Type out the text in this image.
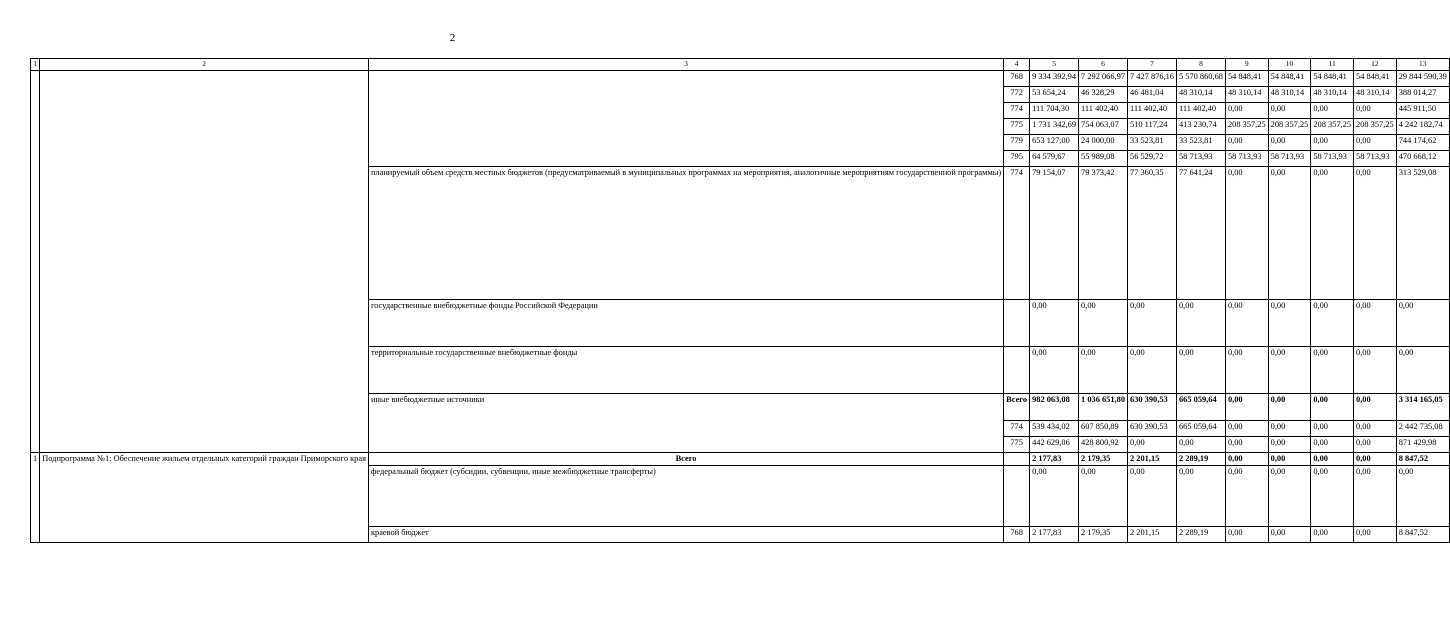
2
1	2	3	4	5	6	7	8	9	10	11	12	13
			768	9 334 392,94	7 292 066,97	7 427 876,16	5 570 860,68	54 848,41	54 848,41	54 848,41	54 848,41	29 844 590,39
			772	53 654,24	46 328,29	46 481,04	48 310,14	48 310,14	48 310,14	48 310,14	48 310,14	388 014,27
			774	111 704,30	111 402,40	111 402,40	111 402,40	0,00	0,00	0,00	0,00	445 911,50
			775	1 731 342,69	754 063,07	510 117,24	413 230,74	208 357,25	208 357,25	208 357,25	208 357,25	4 242 182,74
			779	653 127,00	24 000,00	33 523,81	33 523,81	0,00	0,00	0,00	0,00	744 174,62
			795	64 579,67	55 989,08	56 529,72	58 713,93	58 713,93	58 713,93	58 713,93	58 713,93	470 668,12
		планируемый объем средств местных бюджетов (предусматриваемый в муниципальных программах на мероприятия, аналогичные мероприятиям государственной программы)	774	79 154,07	79 373,42	77 360,35	77 641,24	0,00	0,00	0,00	0,00	313 529,08
		государственные внебюджетные фонды Российской Федерации		0,00	0,00	0,00	0,00	0,00	0,00	0,00	0,00	0,00
		территориальные государственные внебюджетные фонды		0,00	0,00	0,00	0,00	0,00	0,00	0,00	0,00	0,00
		иные внебюджетные источники	Всего	982 063,08	1 036 651,80	630 390,53	665 059,64	0,00	0,00	0,00	0,00	3 314 165,05
			774	539 434,02	607 850,89	630 390,53	665 059,64	0,00	0,00	0,00	0,00	2 442 735,08
			775	442 629,06	428 800,92	0,00	0,00	0,00	0,00	0,00	0,00	871 429,98
1	Подпрограмма №1: Обеспечение жильем отдельных категорий граждан Приморского края	Всего		2 177,83	2 179,35	2 201,15	2 289,19	0,00	0,00	0,00	0,00	8 847,52
		федеральный бюджет (субсидии, субвенции, иные межбюджетные трансферты)		0,00	0,00	0,00	0,00	0,00	0,00	0,00	0,00	0,00
		краевой бюджет	768	2 177,83	2 179,35	2 201,15	2 289,19	0,00	0,00	0,00	0,00	8 847,52
